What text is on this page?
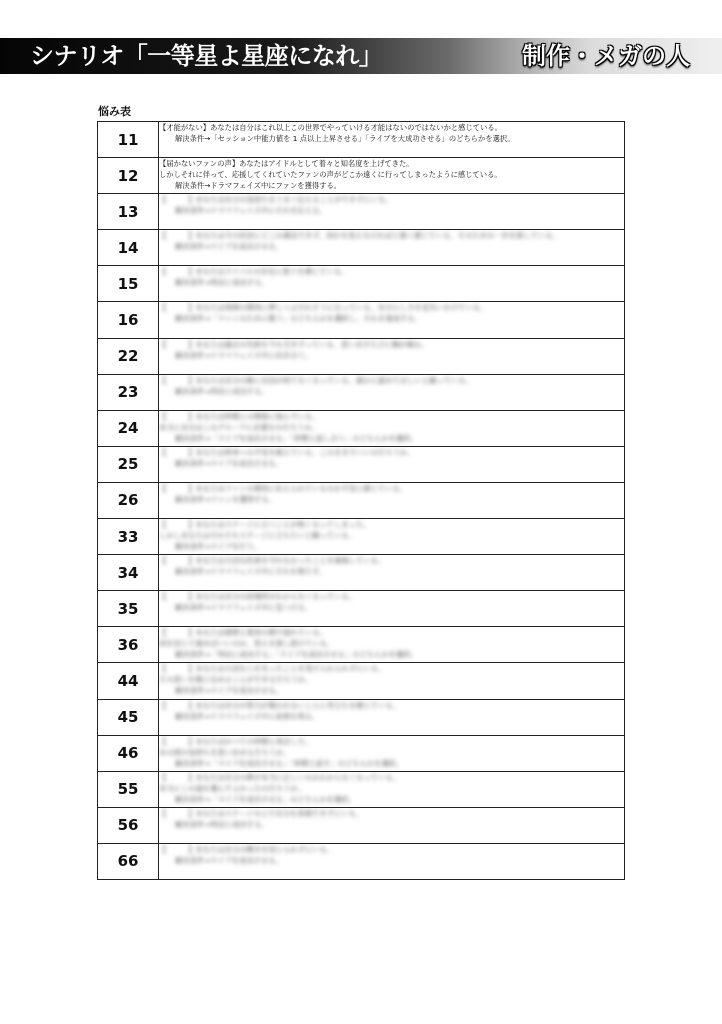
シナリオ「一等星よ星座になれ」	制作・メガの人
悩み表
11	【才能がない】あなたは自分はこれ以上この世界でやっていける才能はないのではないかと感じている。
解決条件→「セッション中能力値を 1 点以上上昇させる」「ライブを大成功させる」のどちらかを選択。

12	【届かないファンの声】あなたはアイドルとして着々と知名度を上げてきた。
しかしそれに伴って、応援してくれていたファンの声がどこか遠くに行ってしまったように感じている。
解決条件→ドラマフェイズ中にファンを獲得する。

13	【　　　】あなたは自分の気持ちをうまく伝えることができずにいる。
解決条件→ドラマフェイズ中にそれを伝える。

14	【　　　】あなたは今の状況にどこか満足できず、何かを変えなければと強く感じている。そのための一歩を探している。
解決条件→ライブを成功させる。

15	【　　　】あなたはライバルの存在に焦りを感じている。
解決条件→判定に成功する。

16	【　　　】あなたは周囲の期待に押しつぶされそうになっている。自分らしさを見失いかけている。
解決条件→「ファンのために歌う」のどちらかを選択し、それを達成する。

22	【　　　】あなたは過去の失敗を今も引きずっている。思い出すたびに胸が痛む。
解決条件→ドラマフェイズ中に向き合う。

23	【　　　】あなたは自分の歌に自信が持てなくなっている。誰かに認めてほしいと願っている。
解決条件→判定に成功する。

24	【　　　】あなたは仲間との関係に悩んでいる。
本当に自分はこのグループに必要なのだろうか。
解決条件→「ライブを成功させる」「仲間と話し合う」のどちらかを選択。

25	【　　　】あなたは将来への不安を抱えている。このままでいいのだろうか。
解決条件→ライブを成功させる。

26	【　　　】あなたはファンの期待に応えられているのか不安に感じている。
解決条件→ファンを獲得する。

33	【　　　】あなたはステージに立つことが怖くなってしまった。
しかしあなたはそれでもステージに立ちたいと願っている。
解決条件→ライブを行う。

34	【　　　】あなたは大切な約束を守れなかったことを後悔している。
解決条件→ドラマフェイズ中にそれを果たす。

35	【　　　】あなたは自分の居場所がわからなくなっている。
解決条件→ドラマフェイズ中に見つける。

36	【　　　】あなたは理想と現実の間で揺れている。
何を信じて進めばいいのか、答えを探し続けている。
解決条件→「判定に成功する」「ライブを成功させる」のどちらかを選択。

44	【　　　】あなたは大切な人を失ったことを受け入れられずにいる。
その思いを歌に込めることができるだろうか。
解決条件→ライブを成功させる。

45	【　　　】あなたは自分の努力が報われないことに苛立ちを感じている。
解決条件→ドラマフェイズ中に成果を得る。

46	【　　　】あなたはかつての仲間と再会した。
あの頃の気持ちを思い出せるだろうか。
解決条件→「ライブを成功させる」「仲間と話す」のどちらかを選択。

55	【　　　】あなたは自分の夢が本当に正しいのかわからなくなっている。
本当にこの道を選んでよかったのだろうか。
解決条件→「ライブを成功させる」のどちらかを選択。

56	【　　　】あなたはステージの上で自分を表現できずにいる。
解決条件→判定に成功する。

66	【　　　】あなたは自分の輝きを信じられずにいる。
解決条件→ライブを成功させる。
